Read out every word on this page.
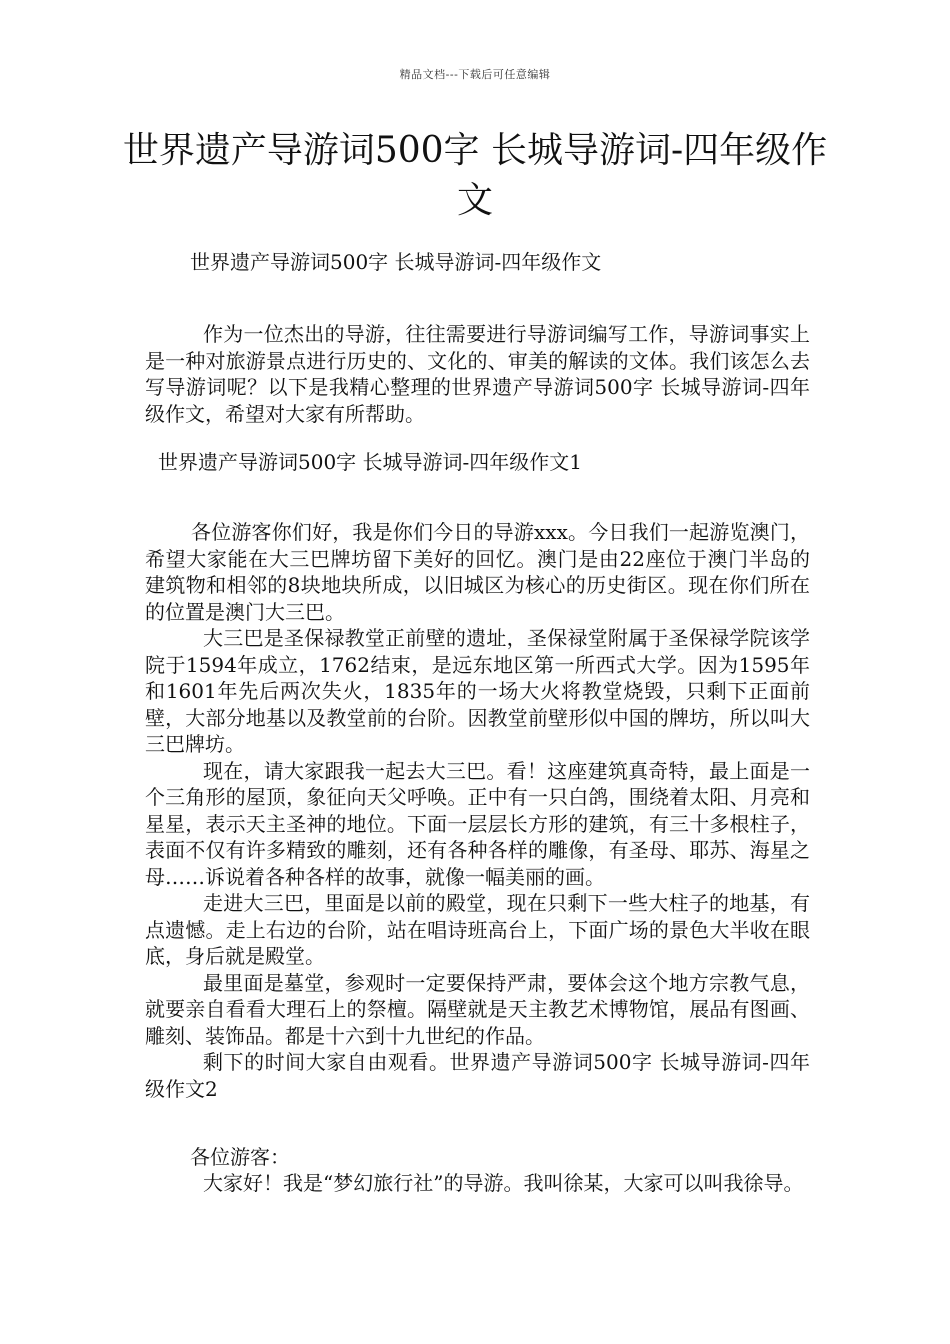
精品文档---下载后可任意编辑
世界遗产导游词500字 长城导游词-四年级作文
世界遗产导游词500字 长城导游词-四年级作文

作为一位杰出的导游，往往需要进行导游词编写工作，导游词事实上是一种对旅游景点进行历史的、文化的、审美的解读的文体。我们该怎么去写导游词呢？以下是我精心整理的世界遗产导游词500字 长城导游词-四年级作文，希望对大家有所帮助。

世界遗产导游词500字 长城导游词-四年级作文1

各位游客你们好，我是你们今日的导游xxx。今日我们一起游览澳门，希望大家能在大三巴牌坊留下美好的回忆。澳门是由22座位于澳门半岛的建筑物和相邻的8块地块所成，以旧城区为核心的历史街区。现在你们所在的位置是澳门大三巴。

大三巴是圣保禄教堂正前壁的遗址，圣保禄堂附属于圣保禄学院该学院于1594年成立，1762结束，是远东地区第一所西式大学。因为1595年和1601年先后两次失火，1835年的一场大火将教堂烧毁，只剩下正面前壁，大部分地基以及教堂前的台阶。因教堂前壁形似中国的牌坊，所以叫大三巴牌坊。

现在，请大家跟我一起去大三巴。看！这座建筑真奇特，最上面是一个三角形的屋顶，象征向天父呼唤。正中有一只白鸽，围绕着太阳、月亮和星星，表示天主圣神的地位。下面一层层长方形的建筑，有三十多根柱子，表面不仅有许多精致的雕刻，还有各种各样的雕像，有圣母、耶苏、海星之母……诉说着各种各样的故事，就像一幅美丽的画。

走进大三巴，里面是以前的殿堂，现在只剩下一些大柱子的地基，有点遗憾。走上右边的台阶，站在唱诗班高台上，下面广场的景色大半收在眼底，身后就是殿堂。

最里面是墓堂，参观时一定要保持严肃，要体会这个地方宗教气息，就要亲自看看大理石上的祭檀。隔壁就是天主教艺术博物馆，展品有图画、雕刻、装饰品。都是十六到十九世纪的作品。

剩下的时间大家自由观看。世界遗产导游词500字 长城导游词-四年级作文2

各位游客：

大家好！我是“梦幻旅行社”的导游。我叫徐某，大家可以叫我徐导。
